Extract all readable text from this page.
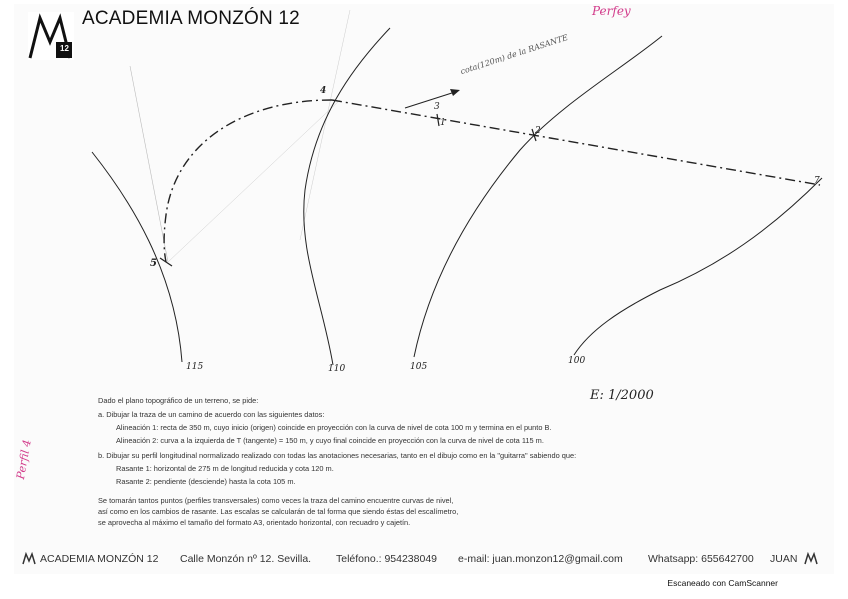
12
ACADEMIA MONZÓN 12	Perfey
Perfil 4
cota(120m) de la RASANTE
4
3
1
2
5
7
115	110	105
100
E: 1/2000
Dado el plano topográfico de un terreno, se pide:
a. Dibujar la traza de un camino de acuerdo con las siguientes datos:
Alineación 1: recta de 350 m, cuyo inicio (origen) coincide en proyección con la curva de nivel de cota 100 m y termina en el punto B.
Alineación 2: curva a la izquierda de T (tangente) = 150 m, y cuyo final coincide en proyección con la curva de nivel de cota 115 m.
b. Dibujar su perfil longitudinal normalizado realizado con todas las anotaciones necesarias, tanto en el dibujo como en la "guitarra" sabiendo que:
Rasante 1: horizontal de 275 m de longitud reducida y cota 120 m.
Rasante 2: pendiente (desciende) hasta la cota 105 m.
Se tomarán tantos puntos (perfiles transversales) como veces la traza del camino encuentre curvas de nivel,
así como en los cambios de rasante. Las escalas se calcularán de tal forma que siendo éstas del escalímetro,
se aprovecha al máximo el tamaño del formato A3, orientado horizontal, con recuadro y cajetín.
ACADEMIA MONZÓN 12 Calle Monzón nº 12. Sevilla. Teléfono.: 954238049 e-mail: juan.monzon12@gmail.com Whatsapp: 655642700 JUAN
Escaneado con CamScanner
